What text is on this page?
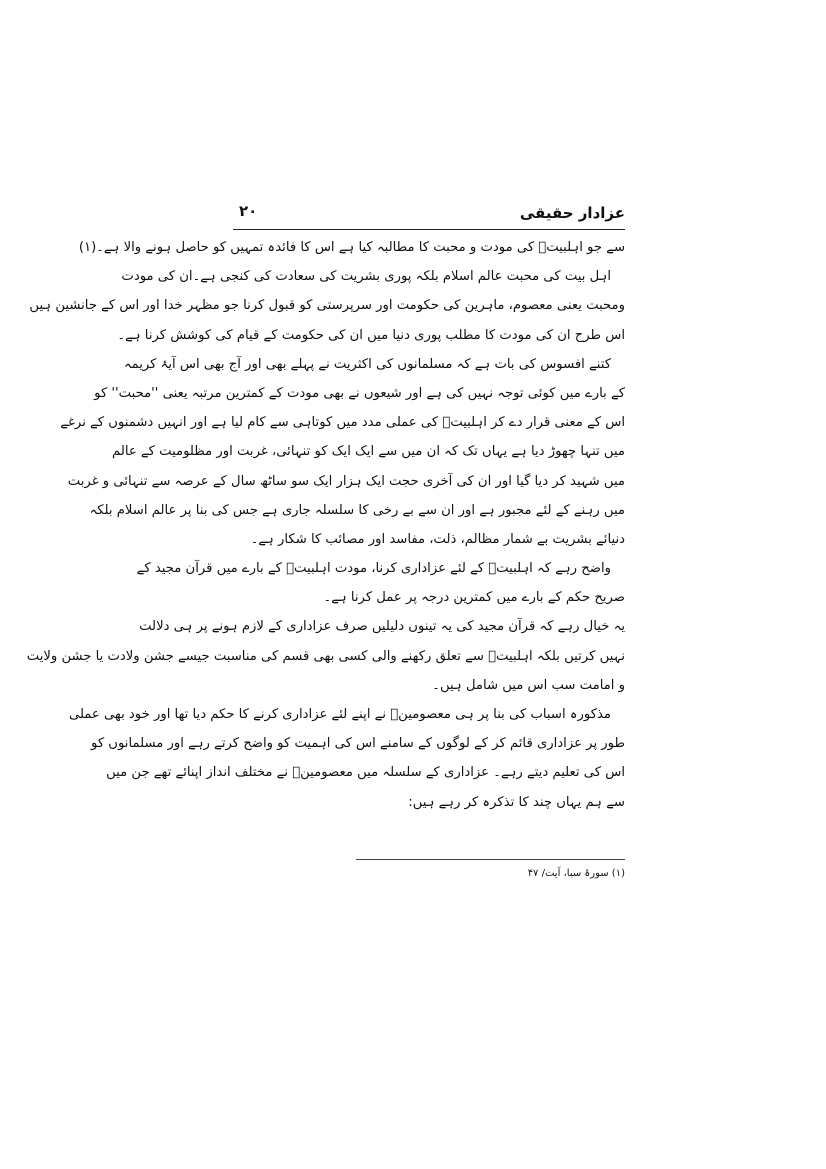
عزادار حقیقی
۲۰
سے جو اہلبیتؑ کی مودت و محبت کا مطالبہ کیا ہے اس کا فائدہ تمہیں کو حاصل ہونے والا ہے۔(۱)
اہل بیت کی محبت عالم اسلام بلکہ پوری بشریت کی سعادت کی کنجی ہے۔ان کی مودت
ومحبت یعنی معصوم، ماہرین کی حکومت اور سرپرستی کو قبول کرنا جو مظہر خدا اور اس کے جانشین ہیں
اس طرح ان کی مودت کا مطلب پوری دنیا میں ان کی حکومت کے قیام کی کوشش کرنا ہے۔
کتنے افسوس کی بات ہے کہ مسلمانوں کی اکثریت نے پہلے بھی اور آج بھی اس آیۂ کریمہ
کے بارے میں کوئی توجہ نہیں کی ہے اور شیعوں نے بھی مودت کے کمترین مرتبہ یعنی ''محبت'' کو
اس کے معنی قرار دے کر اہلبیتؑ کی عملی مدد میں کوتاہی سے کام لیا ہے اور انہیں دشمنوں کے نرغے
میں تنہا چھوڑ دیا ہے یہاں تک کہ ان میں سے ایک ایک کو تنہائی، غربت اور مظلومیت کے عالم
میں شہید کر دیا گیا اور ان کی آخری حجت ایک ہزار ایک سو ساٹھ سال کے عرصہ سے تنہائی و غربت
میں رہنے کے لئے مجبور ہے اور ان سے بے رخی کا سلسلہ جاری ہے جس کی بنا پر عالم اسلام بلکہ
دنیائے بشریت بے شمار مظالم، ذلت، مفاسد اور مصائب کا شکار ہے۔
واضح رہے کہ اہلبیتؑ کے لئے عزاداری کرنا، مودت اہلبیتؑ کے بارے میں قرآن مجید کے
صریح حکم کے بارے میں کمترین درجہ پر عمل کرنا ہے۔
یہ خیال رہے کہ قرآن مجید کی یہ تینوں دلیلیں صرف عزاداری کے لازم ہونے پر ہی دلالت
نہیں کرتیں بلکہ اہلبیتؑ سے تعلق رکھنے والی کسی بھی قسم کی مناسبت جیسے جشن ولادت یا جشن ولایت
و امامت سب اس میں شامل ہیں۔
مذکورہ اسباب کی بنا پر ہی معصومینؑ نے اپنے لئے عزاداری کرنے کا حکم دیا تھا اور خود بھی عملی
طور پر عزاداری قائم کر کے لوگوں کے سامنے اس کی اہمیت کو واضح کرتے رہے اور مسلمانوں کو
اس کی تعلیم دیتے رہے۔ عزاداری کے سلسلہ میں معصومینؑ نے مختلف انداز اپنائے تھے جن میں
سے ہم یہاں چند کا تذکرہ کر رہے ہیں:
(۱) سورۂ سبا، آیت/ ۴۷
